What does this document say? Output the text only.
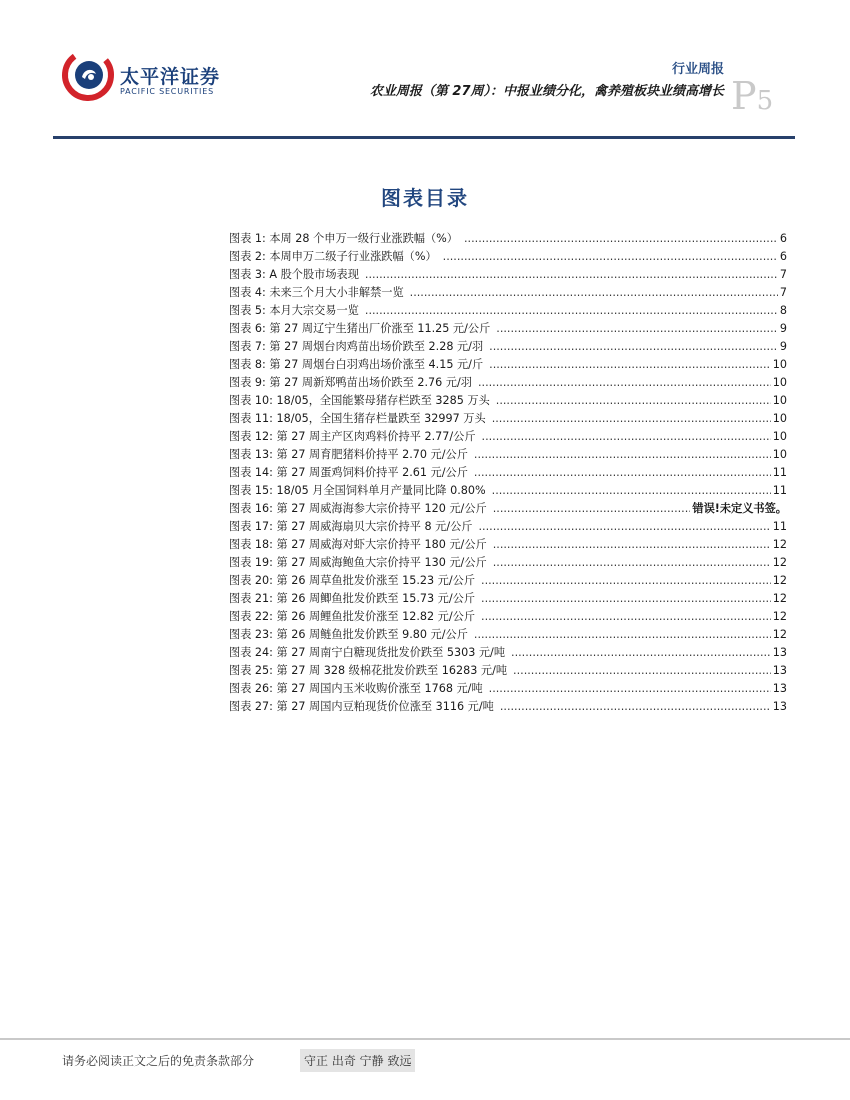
太平洋证券
PACIFIC SECURITIES
行业周报
农业周报（第 27周）：中报业绩分化，禽养殖板块业绩高增长 P5
图表目录
图表 1: 本周 28 个申万一级行业涨跌幅（%） .....	6
图表 2: 本周申万二级子行业涨跌幅（%） .....	6
图表 3: A 股个股市场表现 .....	7
图表 4: 未来三个月大小非解禁一览 .....	7
图表 5: 本月大宗交易一览 .....	8
图表 6: 第 27 周辽宁生猪出厂价涨至 11.25 元/公斤 .....	9
图表 7: 第 27 周烟台肉鸡苗出场价跌至 2.28 元/羽 .....	9
图表 8: 第 27 周烟台白羽鸡出场价涨至 4.15 元/斤 .....	10
图表 9: 第 27 周新郑鸭苗出场价跌至 2.76 元/羽 .....	10
图表 10: 18/05，全国能繁母猪存栏跌至 3285 万头 .....	10
图表 11: 18/05，全国生猪存栏量跌至 32997 万头 .....	10
图表 12: 第 27 周主产区肉鸡料价持平 2.77/公斤 .....	10
图表 13: 第 27 周育肥猪料价持平 2.70 元/公斤 .....	10
图表 14: 第 27 周蛋鸡饲料价持平 2.61 元/公斤 .....	11
图表 15: 18/05 月全国饲料单月产量同比降 0.80% .....	11
图表 16: 第 27 周威海海参大宗价持平 120 元/公斤 .....	错误!未定义书签。
图表 17: 第 27 周威海扇贝大宗价持平 8 元/公斤 .....	11
图表 18: 第 27 周威海对虾大宗价持平 180 元/公斤 .....	12
图表 19: 第 27 周威海鲍鱼大宗价持平 130 元/公斤 .....	12
图表 20: 第 26 周草鱼批发价涨至 15.23 元/公斤 .....	12
图表 21: 第 26 周鲫鱼批发价跌至 15.73 元/公斤 .....	12
图表 22: 第 26 周鲤鱼批发价涨至 12.82 元/公斤 .....	12
图表 23: 第 26 周鲢鱼批发价跌至 9.80 元/公斤 .....	12
图表 24: 第 27 周南宁白糖现货批发价跌至 5303 元/吨 .....	13
图表 25: 第 27 周 328 级棉花批发价跌至 16283 元/吨 .....	13
图表 26: 第 27 周国内玉米收购价涨至 1768 元/吨 .....	13
图表 27: 第 27 周国内豆粕现货价位涨至 3116 元/吨 .....	13
请务必阅读正文之后的免责条款部分	守正 出奇 宁静 致远
